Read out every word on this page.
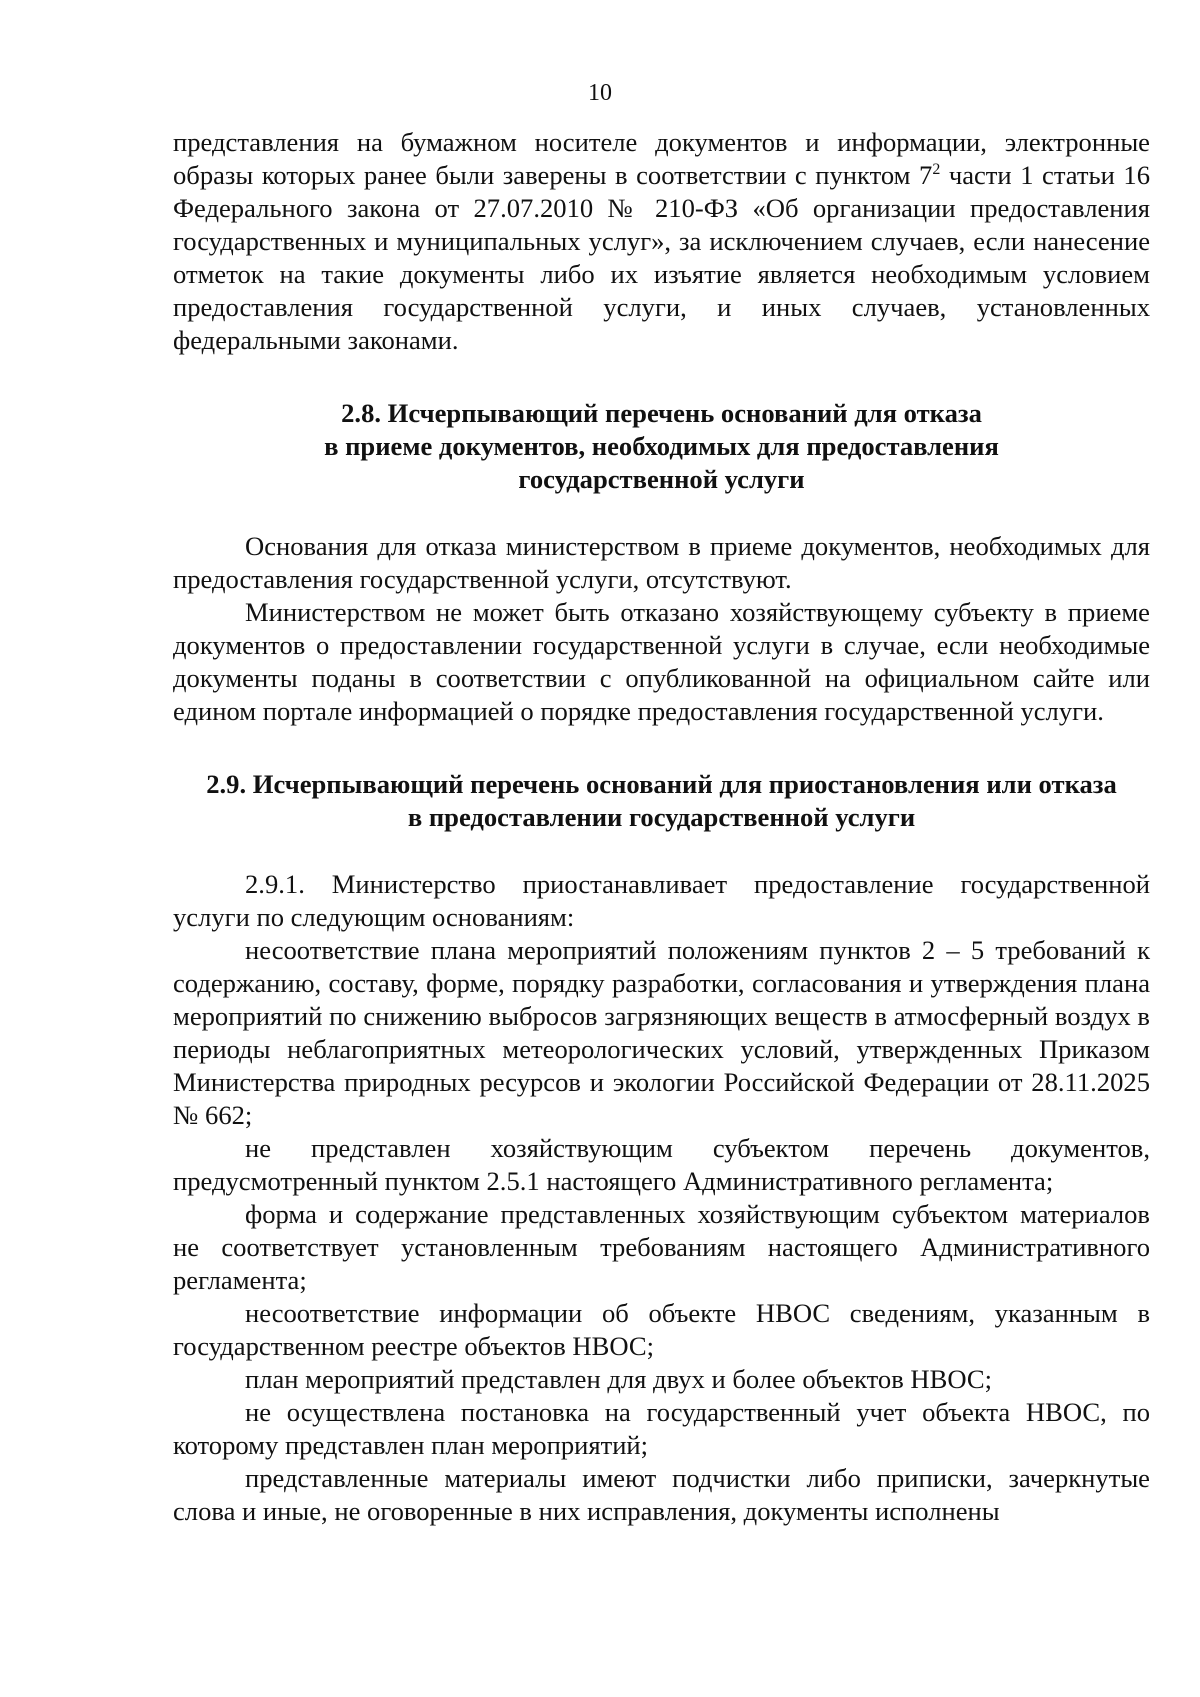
10

представления на бумажном носителе документов и информации, электронные образы которых ранее были заверены в соответствии с пунктом $7^2$ части 1 статьи 16 Федерального закона от 27.07.2010 № 210-ФЗ «Об организации предоставления государственных и муниципальных услуг», за исключением случаев, если нанесение отметок на такие документы либо их изъятие является необходимым условием предоставления государственной услуги, и иных случаев, установленных федеральными законами.

2.8. Исчерпывающий перечень оснований для отказа

в приеме документов, необходимых для предоставления

государственной услуги

Основания для отказа министерством в приеме документов, необходимых для предоставления государственной услуги, отсутствуют.

Министерством не может быть отказано хозяйствующему субъекту в приеме документов о предоставлении государственной услуги в случае, если необходимые документы поданы в соответствии с опубликованной на официальном сайте или едином портале информацией о порядке предоставления государственной услуги.

2.9. Исчерпывающий перечень оснований для приостановления или отказа

в предоставлении государственной услуги

2.9.1. Министерство приостанавливает предоставление государственной услуги по следующим основаниям:

несоответствие плана мероприятий положениям пунктов 2 – 5 требований к содержанию, составу, форме, порядку разработки, согласования и утверждения плана мероприятий по снижению выбросов загрязняющих веществ в атмосферный воздух в периоды неблагоприятных метеорологических условий, утвержденных Приказом Министерства природных ресурсов и экологии Российской Федерации от 28.11.2025 № 662;

не представлен хозяйствующим субъектом перечень документов, предусмотренный пунктом 2.5.1 настоящего Административного регламента;

форма и содержание представленных хозяйствующим субъектом материалов не соответствует установленным требованиям настоящего Административного регламента;

несоответствие информации об объекте НВОС сведениям, указанным в государственном реестре объектов НВОС;

план мероприятий представлен для двух и более объектов НВОС;

не осуществлена постановка на государственный учет объекта НВОС, по которому представлен план мероприятий;

представленные материалы имеют подчистки либо приписки, зачеркнутые слова и иные, не оговоренные в них исправления, документы исполнены
